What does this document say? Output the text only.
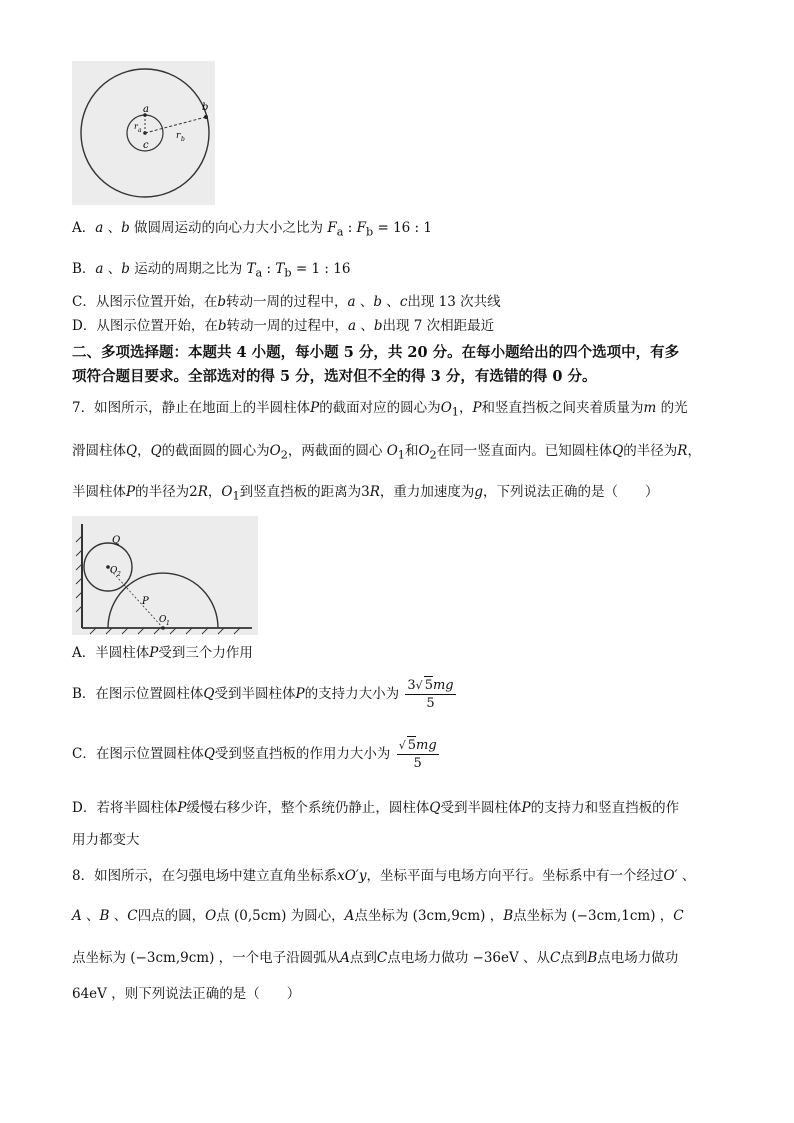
a	b
c
r a
r b
A．a 、b 做圆周运动的向心力大小之比为 $F_a$ : $F_b = 16$ : 1
B．a 、b 运动的周期之比为 $T_a$ : $T_b = 1$ : 16
C．从图示位置开始，在b转动一周的过程中，a 、b 、c出现 13 次共线
D．从图示位置开始，在b转动一周的过程中，a 、b出现 7 次相距最近
二、多项选择题：本题共 4 小题，每小题 5 分，共 20 分。在每小题给出的四个选项中，有多
项符合题目要求。全部选对的得 5 分，选对但不全的得 3 分，有选错的得 0 分。
7．如图所示，静止在地面上的半圆柱体P的截面对应的圆心为$O_1$，P和竖直挡板之间夹着质量为m 的光
滑圆柱体Q，Q的截面圆的圆心为$O_2$，两截面的圆心 $O_1$和$O_2$在同一竖直面内。已知圆柱体Q的半径为R，
半圆柱体P的半径为2R，$O_1$到竖直挡板的距离为3R，重力加速度为g，下列说法正确的是（　　）
Q
O 2
P
O 1
A．半圆柱体P受到三个力作用
B．在图示位置圆柱体Q受到半圆柱体P的支持力大小为 $\frac{3√ 5mg}{5}$
C．在图示位置圆柱体Q受到竖直挡板的作用力大小为 $\frac{√ 5mg}{5}$
D．若将半圆柱体P缓慢右移少许，整个系统仍静止，圆柱体Q受到半圆柱体P的支持力和竖直挡板的作
用力都变大
8．如图所示，在匀强电场中建立直角坐标系xO′y，坐标平面与电场方向平行。坐标系中有一个经过O′ 、
A 、B 、C四点的圆，O点 (0,5cm) 为圆心，A点坐标为 (3cm,9cm) ，B点坐标为 (−3cm,1cm) ，C
点坐标为 (−3cm,9cm) ，一个电子沿圆弧从A点到C点电场力做功 −36eV 、从C点到B点电场力做功
64eV ，则下列说法正确的是（　　）
